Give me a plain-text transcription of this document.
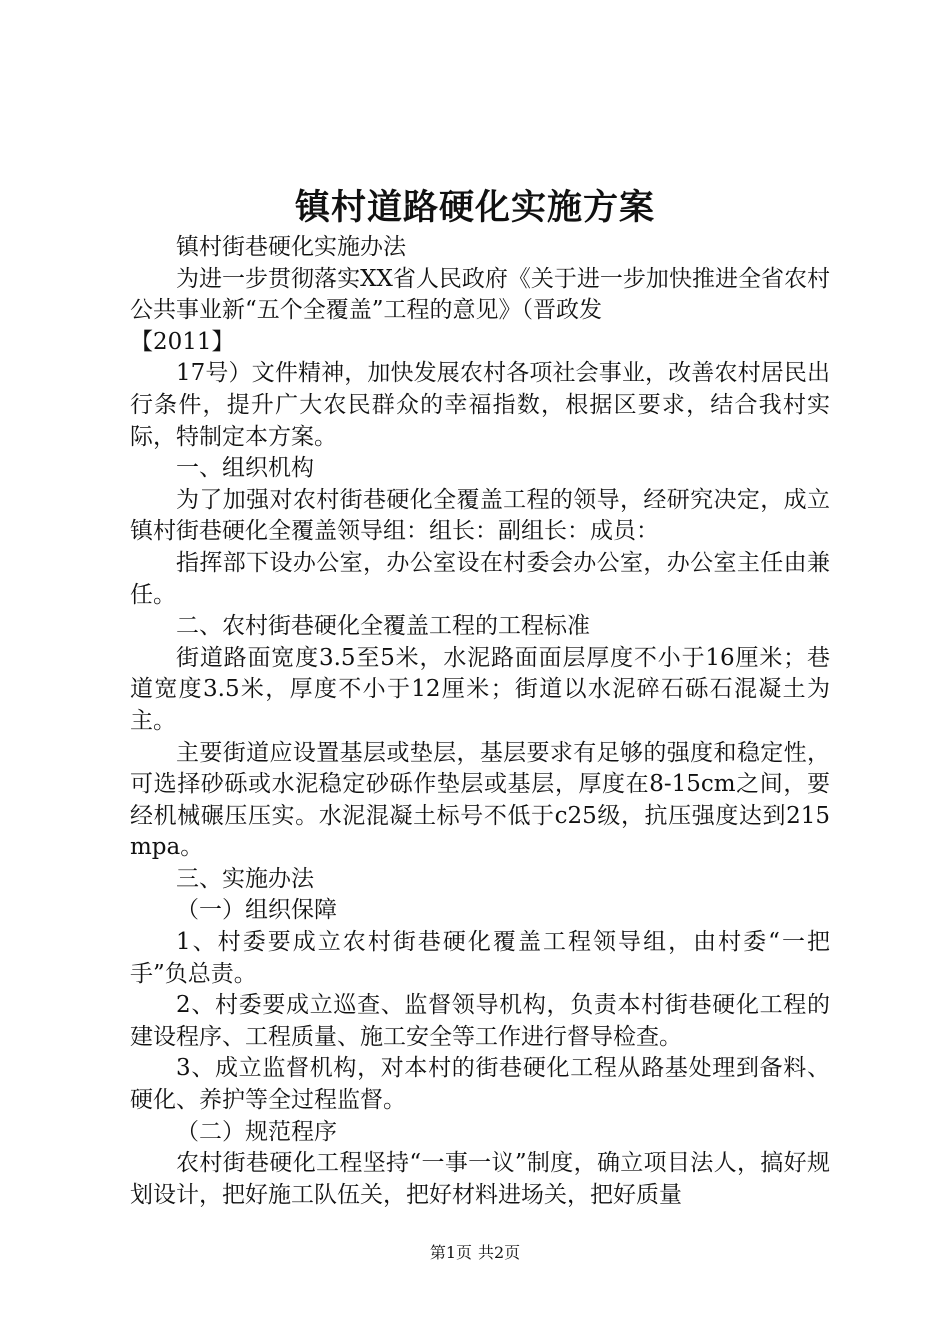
镇村道路硬化实施方案

镇村街巷硬化实施办法

为进一步贯彻落实XX省人民政府《关于进一步加快推进全省农村公共事业新“五个全覆盖”工程的意见》（晋政发

【2011】

17号）文件精神，加快发展农村各项社会事业，改善农村居民出行条件，提升广大农民群众的幸福指数，根据区要求，结合我村实际，特制定本方案。

一、组织机构

为了加强对农村街巷硬化全覆盖工程的领导，经研究决定，成立镇村街巷硬化全覆盖领导组：组长：副组长：成员：

指挥部下设办公室，办公室设在村委会办公室，办公室主任由兼任。

二、农村街巷硬化全覆盖工程的工程标准

街道路面宽度3.5至5米，水泥路面面层厚度不小于16厘米；巷道宽度3.5米，厚度不小于12厘米；街道以水泥碎石砾石混凝土为主。

主要街道应设置基层或垫层，基层要求有足够的强度和稳定性，可选择砂砾或水泥稳定砂砾作垫层或基层，厚度在8-15cm之间，要经机械碾压压实。水泥混凝土标号不低于c25级，抗压强度达到215mpa。

三、实施办法

（一）组织保障

1、村委要成立农村街巷硬化覆盖工程领导组，由村委“一把手”负总责。

2、村委要成立巡查、监督领导机构，负责本村街巷硬化工程的建设程序、工程质量、施工安全等工作进行督导检查。

3、成立监督机构，对本村的街巷硬化工程从路基处理到备料、硬化、养护等全过程监督。

（二）规范程序

农村街巷硬化工程坚持“一事一议”制度，确立项目法人，搞好规划设计，把好施工队伍关，把好材料进场关，把好质量

第1页 共2页
